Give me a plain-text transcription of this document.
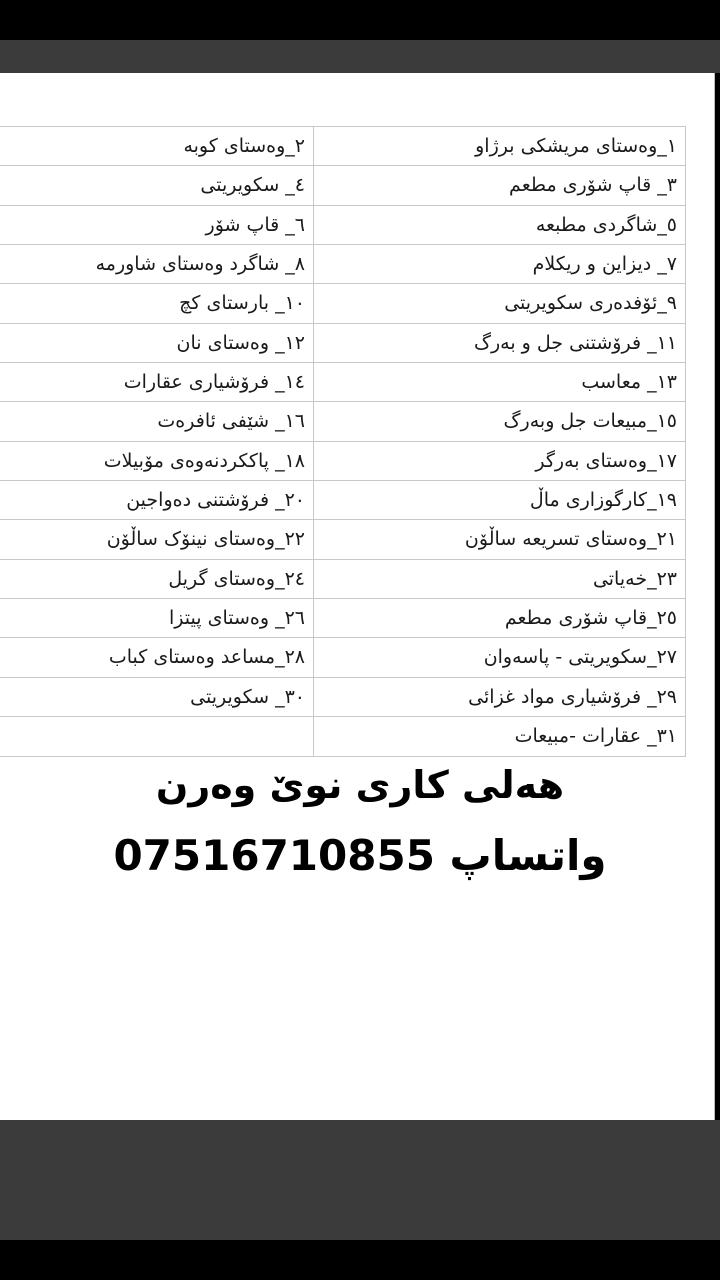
٢_وەستای کوبە	١_وەستای مریشکی برژاو
٤_ سکویریتی	٣_ قاپ شۆری مطعم
٦_ قاپ شۆر	٥_شاگردی مطبعە
٨_ شاگرد وەستای شاورمە	٧_ دیزاین و ریکلام
١٠_ بارستای کچ	٩_ئۆفدەری سکویریتی
١٢_ وەستای نان	١١_ فرۆشتنی جل و بەرگ
١٤_ فرۆشیاری عقارات	١٣_ معاسب
١٦_ شێفی ئافرەت	١٥_مبیعات جل وبەرگ
١٨_ پاککردنەوەی مۆبیلات	١٧_وەستای بەرگر
٢٠_ فرۆشتنی دەواجین	١٩_کارگوزاری ماڵ
٢٢_وەستای نینۆک ساڵۆن	٢١_وەستای تسریعە ساڵۆن
٢٤_وەستای گریل	٢٣_خەیاتی
٢٦_ وەستای پیتزا	٢٥_قاپ شۆری مطعم
٢٨_مساعد وەستای کباب	٢٧_سکویریتی - پاسەوان
٣٠_ سکویریتی	٢٩_ فرۆشیاری مواد غزائی
٣١_ عقارات -مبیعات
هەلی کاری نوێ وەرن
واتساپ 07516710855
